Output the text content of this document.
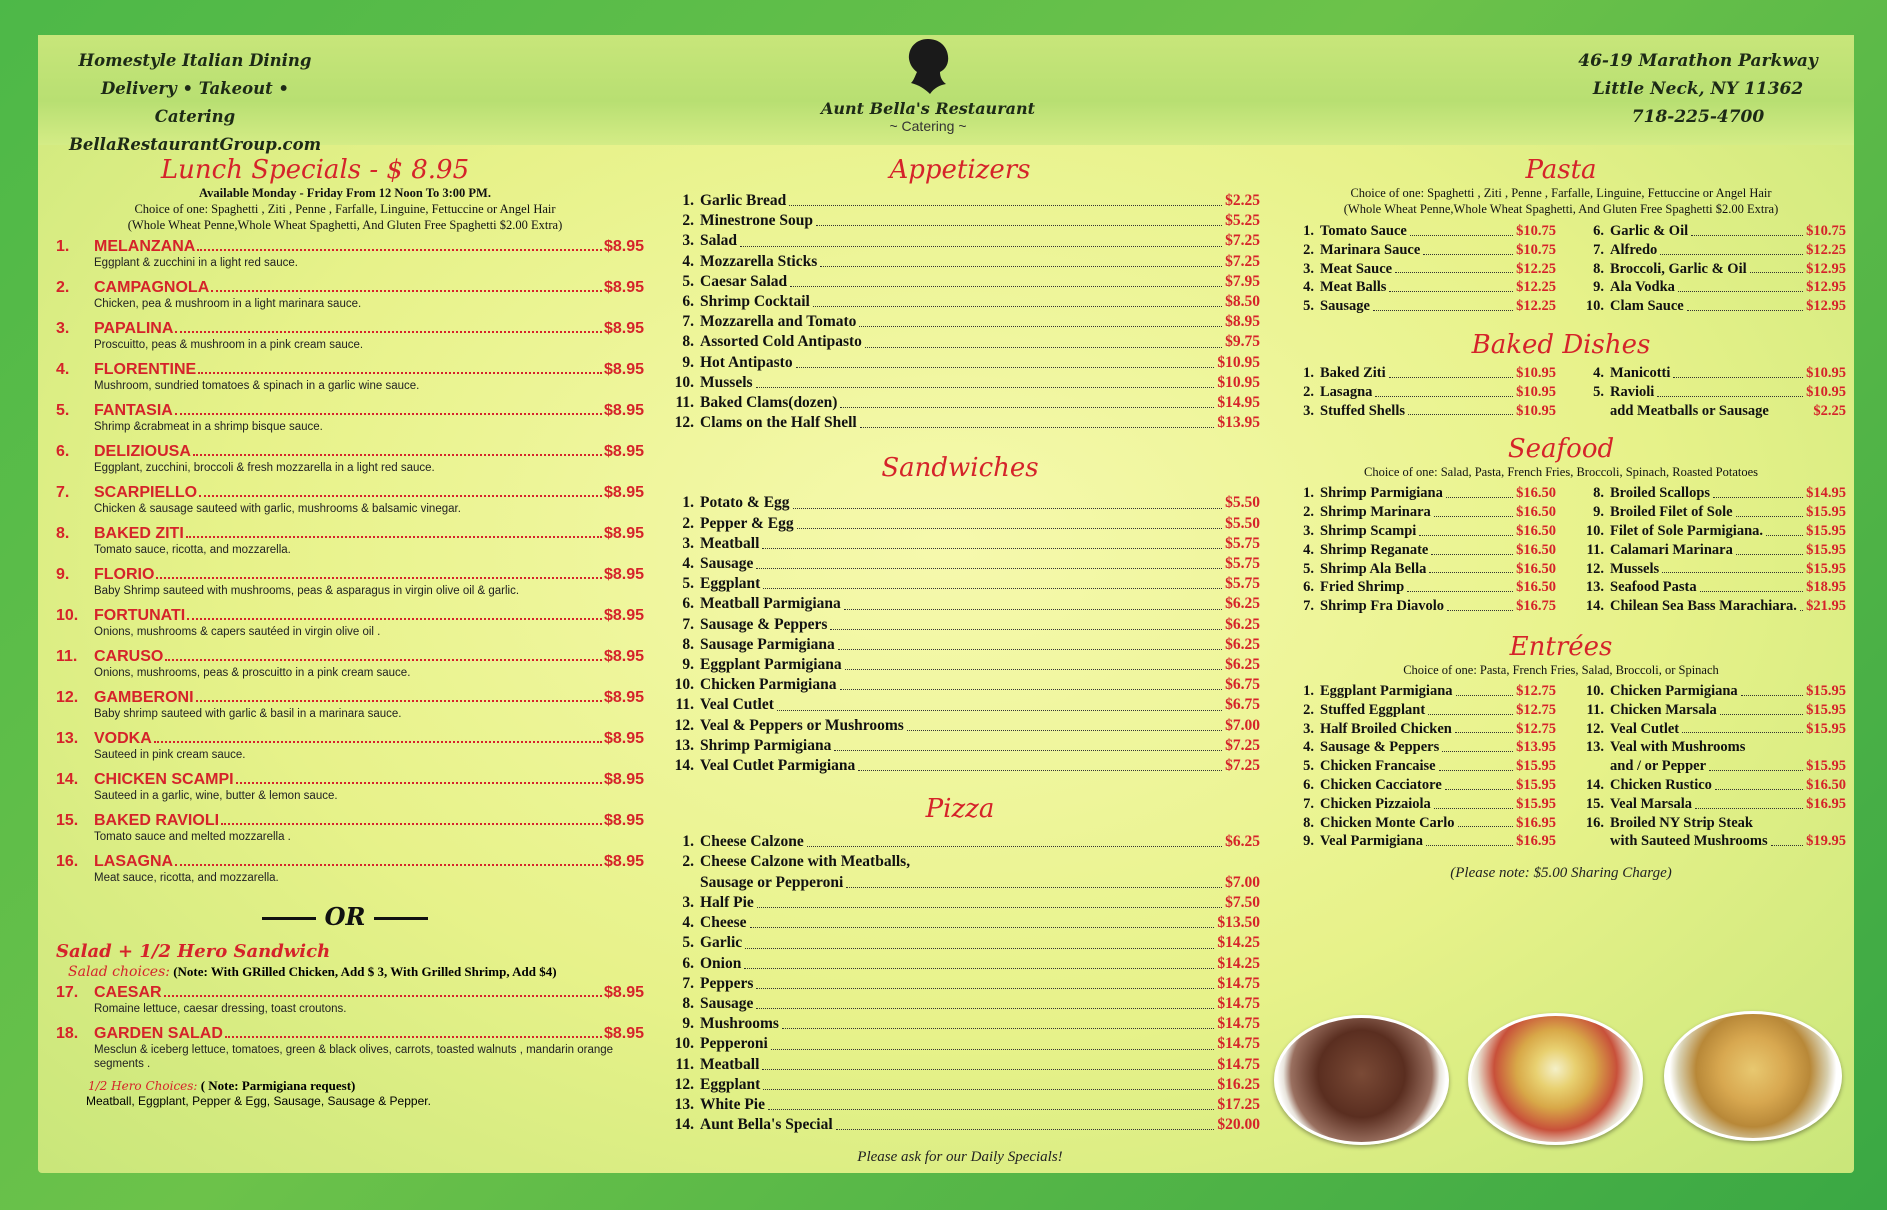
Homestyle Italian Dining
Delivery • Takeout • Catering
BellaRestaurantGroup.com
Aunt Bella's Restaurant
~ Catering ~
46-19 Marathon Parkway
Little Neck, NY 11362
718-225-4700
Lunch Specials - $ 8.95
Available Monday - Friday From 12 Noon To 3:00 PM.
Choice of one: Spaghetti , Ziti , Penne , Farfalle, Linguine, Fettuccine or Angel Hair
(Whole Wheat Penne,Whole Wheat Spaghetti, And Gluten Free Spaghetti $2.00 Extra)
1.	MELANZANA	$8.95
Eggplant & zucchini in a light red sauce.
2.	CAMPAGNOLA	$8.95
Chicken, pea & mushroom in a light marinara sauce.
3.	PAPALINA	$8.95
Proscuitto, peas & mushroom in a pink cream sauce.
4.	FLORENTINE	$8.95
Mushroom, sundried tomatoes & spinach in a garlic wine sauce.
5.	FANTASIA	$8.95
Shrimp &crabmeat in a shrimp bisque sauce.
6.	DELIZIOUSA	$8.95
Eggplant, zucchini, broccoli & fresh mozzarella in a light red sauce.
7.	SCARPIELLO	$8.95
Chicken & sausage sauteed with garlic, mushrooms & balsamic vinegar.
8.	BAKED ZITI	$8.95
Tomato sauce, ricotta, and mozzarella.
9.	FLORIO	$8.95
Baby Shrimp sauteed with mushrooms, peas & asparagus in virgin olive oil & garlic.
10. FORTUNATI	$8.95
Onions, mushrooms & capers sautéed in virgin olive oil .
11.	CARUSO	$8.95
Onions, mushrooms, peas & proscuitto in a pink cream sauce.
12. GAMBERONI	$8.95
Baby shrimp sauteed with garlic & basil in a marinara sauce.
13. VODKA	$8.95
Sauteed in pink cream sauce.
14. CHICKEN SCAMPI	$8.95
Sauteed in a garlic, wine, butter & lemon sauce.
15. BAKED RAVIOLI	$8.95
Tomato sauce and melted mozzarella .
16. LASAGNA	$8.95
Meat sauce, ricotta, and mozzarella.
OR
Salad + 1/2 Hero Sandwich
Salad choices: (Note: With GRilled Chicken, Add $ 3, With Grilled Shrimp, Add $4)
17. CAESAR	$8.95
Romaine lettuce, caesar dressing, toast croutons.
18. GARDEN SALAD	$8.95
Mesclun & iceberg lettuce, tomatoes, green & black olives, carrots, toasted walnuts , mandarin orange segments .
1/2 Hero Choices: ( Note: Parmigiana request)
Meatball, Eggplant, Pepper & Egg, Sausage, Sausage & Pepper.
Appetizers
1. Garlic Bread	$2.25
2. Minestrone Soup	$5.25
3. Salad	$7.25
4. Mozzarella Sticks	$7.25
5. Caesar Salad	$7.95
6. Shrimp Cocktail	$8.50
7. Mozzarella and Tomato	$8.95
8. Assorted Cold Antipasto	$9.75
9. Hot Antipasto	$10.95
10. Mussels	$10.95
11. Baked Clams(dozen)	$14.95
12. Clams on the Half Shell	$13.95
Sandwiches
1. Potato & Egg	$5.50
2. Pepper & Egg	$5.50
3. Meatball	$5.75
4. Sausage	$5.75
5. Eggplant	$5.75
6. Meatball Parmigiana	$6.25
7. Sausage & Peppers	$6.25
8. Sausage Parmigiana	$6.25
9. Eggplant Parmigiana	$6.25
10. Chicken Parmigiana	$6.75
11. Veal Cutlet	$6.75
12. Veal & Peppers or Mushrooms	$7.00
13. Shrimp Parmigiana	$7.25
14. Veal Cutlet Parmigiana	$7.25
Pizza
1. Cheese Calzone	$6.25
2. Cheese Calzone with Meatballs,
Sausage or Pepperoni	$7.00
3. Half Pie	$7.50
4. Cheese	$13.50
5. Garlic	$14.25
6. Onion	$14.25
7. Peppers	$14.75
8. Sausage	$14.75
9. Mushrooms	$14.75
10. Pepperoni	$14.75
11. Meatball	$14.75
12. Eggplant	$16.25
13. White Pie	$17.25
14. Aunt Bella's Special	$20.00
Please ask for our Daily Specials!
Pasta
Choice of one: Spaghetti , Ziti , Penne , Farfalle, Linguine, Fettuccine or Angel Hair
(Whole Wheat Penne,Whole Wheat Spaghetti, And Gluten Free Spaghetti $2.00 Extra)
1. Tomato Sauce	$10.75
2. Marinara Sauce	$10.75
3. Meat Sauce	$12.25
4. Meat Balls	$12.25
5. Sausage	$12.25
6. Garlic & Oil	$10.75
7. Alfredo	$12.25
8. Broccoli, Garlic & Oil	$12.95
9. Ala Vodka	$12.95
10. Clam Sauce	$12.95
Baked Dishes
1. Baked Ziti	$10.95
2. Lasagna	$10.95
3. Stuffed Shells	$10.95
4. Manicotti	$10.95
5. Ravioli	$10.95
add Meatballs or Sausage	$2.25
Seafood
Choice of one: Salad, Pasta, French Fries, Broccoli, Spinach, Roasted Potatoes
1. Shrimp Parmigiana	$16.50
2. Shrimp Marinara	$16.50
3. Shrimp Scampi	$16.50
4. Shrimp Reganate	$16.50
5. Shrimp Ala Bella	$16.50
6. Fried Shrimp	$16.50
7. Shrimp Fra Diavolo	$16.75
8. Broiled Scallops	$14.95
9. Broiled Filet of Sole	$15.95
10. Filet of Sole Parmigiana.	$15.95
11. Calamari Marinara	$15.95
12. Mussels	$15.95
13. Seafood Pasta	$18.95
14. Chilean Sea Bass Marachiara. $21.95
Entrées
Choice of one: Pasta, French Fries, Salad, Broccoli, or Spinach
1. Eggplant Parmigiana	$12.75
2. Stuffed Eggplant	$12.75
3. Half Broiled Chicken	$12.75
4. Sausage & Peppers	$13.95
5. Chicken Francaise	$15.95
6. Chicken Cacciatore	$15.95
7. Chicken Pizzaiola	$15.95
8. Chicken Monte Carlo	$16.95
9. Veal Parmigiana	$16.95
10. Chicken Parmigiana	$15.95
11. Chicken Marsala	$15.95
12. Veal Cutlet	$15.95
13. Veal with Mushrooms
and / or Pepper	$15.95
14. Chicken Rustico	$16.50
15. Veal Marsala	$16.95
16. Broiled NY Strip Steak
with Sauteed Mushrooms	$19.95
(Please note: $5.00 Sharing Charge)
